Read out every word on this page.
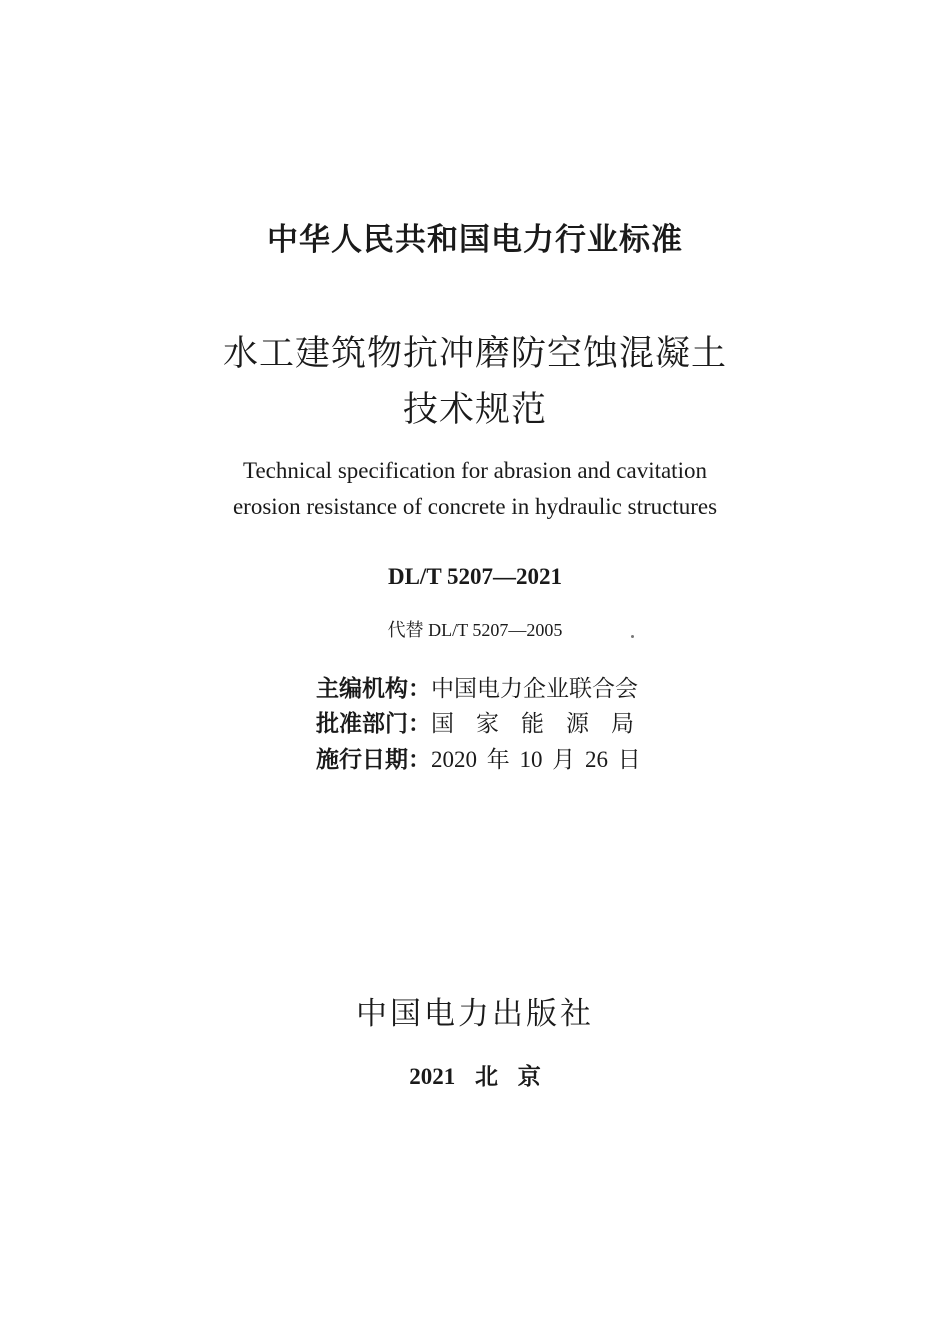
中华人民共和国电力行业标准
水工建筑物抗冲磨防空蚀混凝土
技术规范
Technical specification for abrasion and cavitation
erosion resistance of concrete in hydraulic structures
DL/T 5207—2021
代替 DL/T 5207—2005
主编机构：中国电力企业联合会
批准部门：国家能源局
施行日期：2020 年 10 月 26 日
中国电力出版社
2021 北 京
